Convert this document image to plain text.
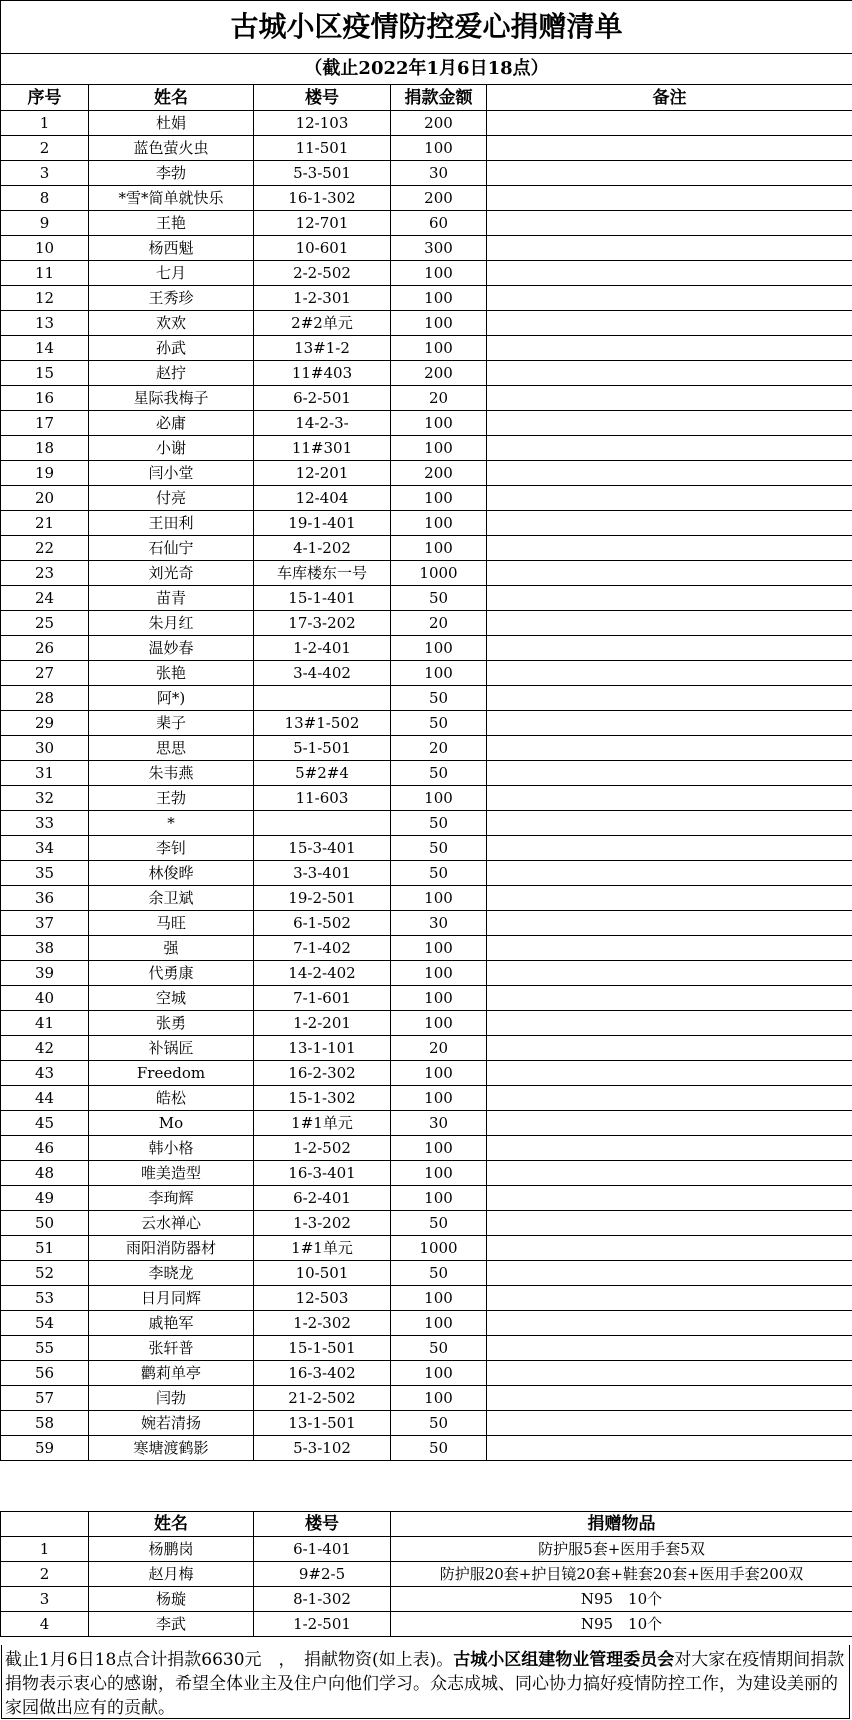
古城小区疫情防控爱心捐赠清单				
（截止2022年1月6日18点）				
序号	姓名	楼号	捐款金额	备注
1	杜娟	12-103	200	
2	蓝色萤火虫	11-501	100	
3	李勃	5-3-501	30	
8	*雪*简单就快乐	16-1-302	200	
9	王艳	12-701	60	
10	杨西魁	10-601	300	
11	七月	2-2-502	100	
12	王秀珍	1-2-301	100	
13	欢欢	2#2单元	100	
14	孙武	13#1-2	100	
15	赵拧	11#403	200	
16	星际我梅子	6-2-501	20	
17	必庸	14-2-3-	100	
18	小谢	11#301	100	
19	闫小堂	12-201	200	
20	付亮	12-404	100	
21	王田利	19-1-401	100	
22	石仙宁	4-1-202	100	
23	刘光奇	车库楼东一号	1000	
24	苗青	15-1-401	50	
25	朱月红	17-3-202	20	
26	温妙春	1-2-401	100	
27	张艳	3-4-402	100	
28	阿*)		50	
29	棐子	13#1-502	50	
30	思思	5-1-501	20	
31	朱韦燕	5#2#4	50	
32	王勃	11-603	100	
33	*		50	
34	李钊	15-3-401	50	
35	林俊晔	3-3-401	50	
36	余卫斌	19-2-501	100	
37	马旺	6-1-502	30	
38	强	7-1-402	100	
39	代勇康	14-2-402	100	
40	空城	7-1-601	100	
41	张勇	1-2-201	100	
42	补锅匠	13-1-101	20	
43	Freedom	16-2-302	100	
44	皓松	15-1-302	100	
45	Mo	1#1单元	30	
46	韩小格	1-2-502	100	
48	唯美造型	16-3-401	100	
49	李珣辉	6-2-401	100	
50	云水禅心	1-3-202	50	
51	雨阳消防器材	1#1单元	1000	
52	李晓龙	10-501	50	
53	日月同辉	12-503	100	
54	戚艳军	1-2-302	100	
55	张轩普	15-1-501	50	
56	鹳莉单亭	16-3-402	100	
57	闫勃	21-2-502	100	
58	婉若清扬	13-1-501	50	
59	寒塘渡鹤影	5-3-102	50	
	姓名	楼号	捐赠物品
1	杨鹏岗	6-1-401	防护服5套+医用手套5双
2	赵月梅	9#2-5	防护服20套+护目镜20套+鞋套20套+医用手套200双
3	杨璇	8-1-302	N95　10个
4	李武	1-2-501	N95　10个
截止1月6日18点合计捐款6630元　，　捐献物资(如上表)。古城小区组建物业管理委员会对大家在疫情期间捐款捐物表示衷心的感谢，希望全体业主及住户向他们学习。众志成城、同心协力搞好疫情防控工作，为建设美丽的家园做出应有的贡献。
